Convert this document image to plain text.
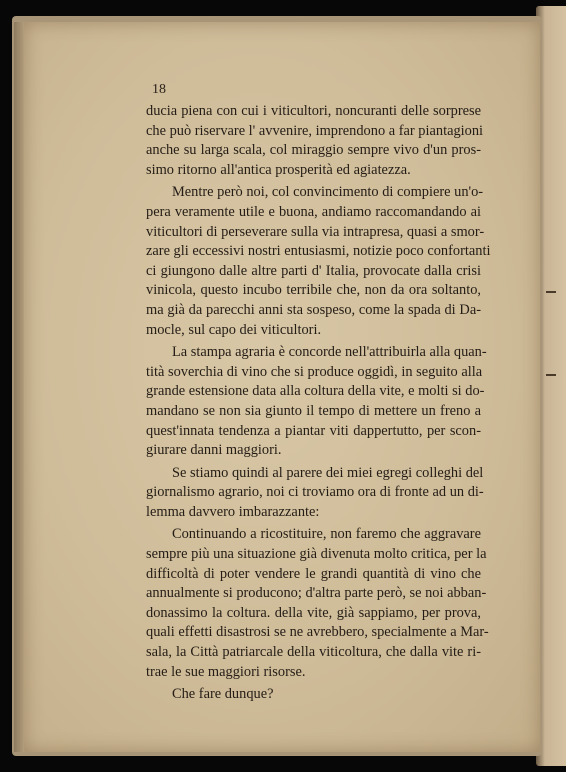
18
ducia piena con cui i viticultori, noncuranti delle sorprese
che può riservare l' avvenire, imprendono a far piantagioni
anche su larga scala, col miraggio sempre vivo d'un pros-
simo ritorno all'antica prosperità ed agiatezza.
Mentre però noi, col convincimento di compiere un'o-
pera veramente utile e buona, andiamo raccomandando ai
viticultori di perseverare sulla via intrapresa, quasi a smor-
zare gli eccessivi nostri entusiasmi, notizie poco confortanti
ci giungono dalle altre parti d' Italia, provocate dalla crisi
vinicola, questo incubo terribile che, non da ora soltanto,
ma già da parecchi anni sta sospeso, come la spada di Da-
mocle, sul capo dei viticultori.
La stampa agraria è concorde nell'attribuirla alla quan-
tità soverchia di vino che si produce oggidì, in seguito alla
grande estensione data alla coltura della vite, e molti si do-
mandano se non sia giunto il tempo di mettere un freno a
quest'innata tendenza a piantar viti dappertutto, per scon-
giurare danni maggiori.
Se stiamo quindi al parere dei miei egregi colleghi del
giornalismo agrario, noi ci troviamo ora di fronte ad un di-
lemma davvero imbarazzante:
Continuando a ricostituire, non faremo che aggravare
sempre più una situazione già divenuta molto critica, per la
difficoltà di poter vendere le grandi quantità di vino che
annualmente si producono; d'altra parte però, se noi abban-
donassimo la coltura. della vite, già sappiamo, per prova,
quali effetti disastrosi se ne avrebbero, specialmente a Mar-
sala, la Città patriarcale della viticoltura, che dalla vite ri-
trae le sue maggiori risorse.
Che fare dunque?
